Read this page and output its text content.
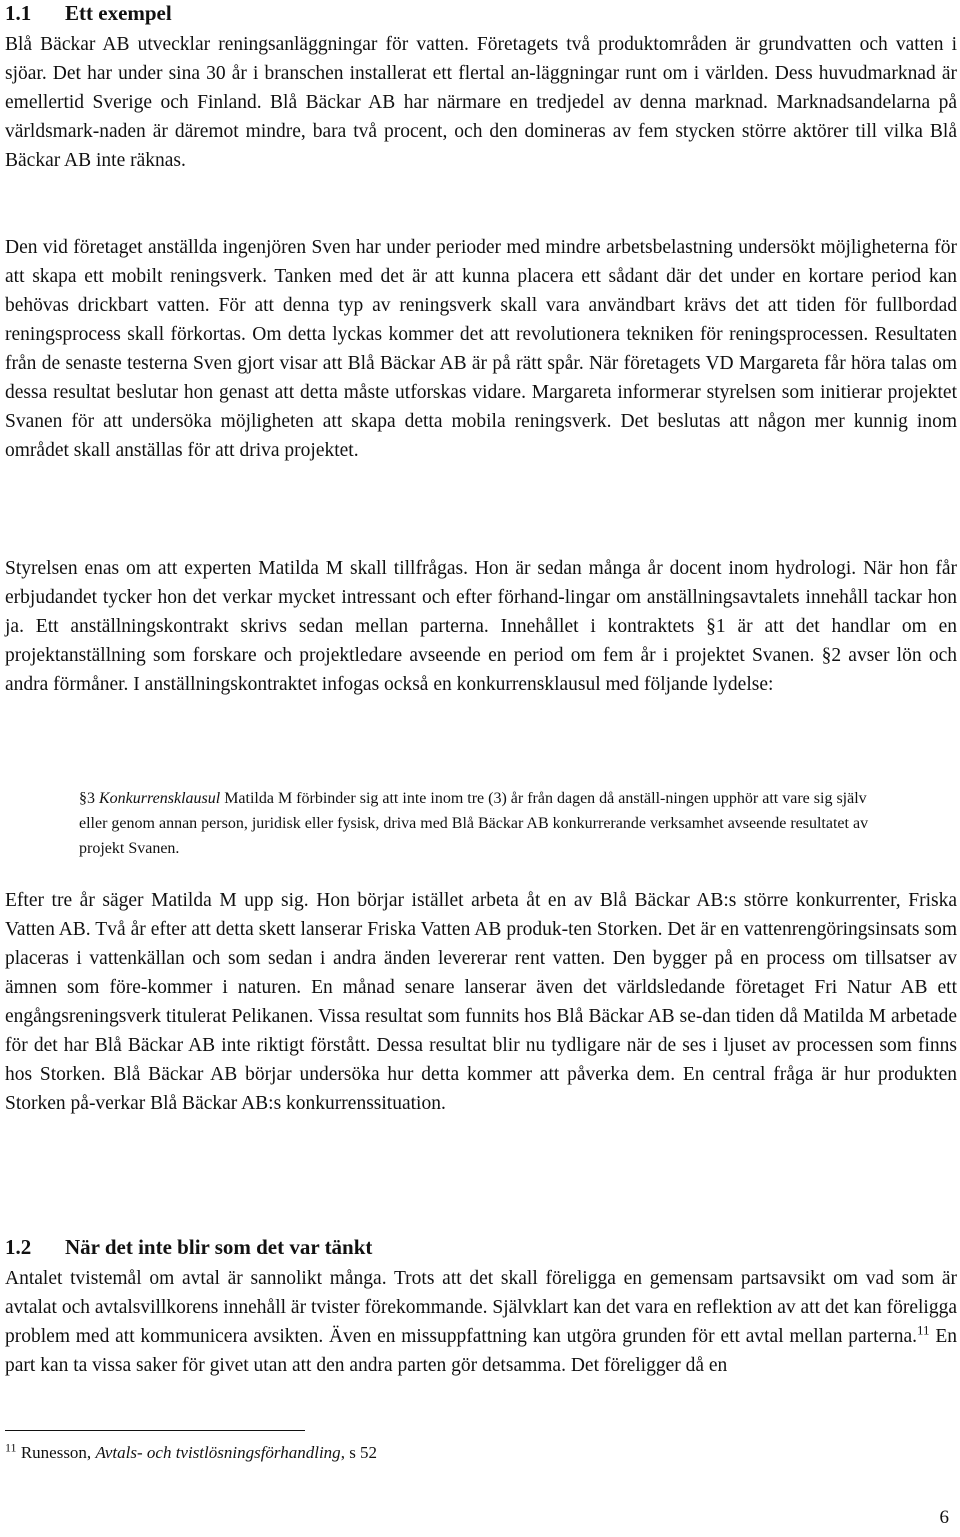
1.1	Ett exempel

Blå Bäckar AB utvecklar reningsanläggningar för vatten. Företagets två produktområden är grundvatten och vatten i sjöar. Det har under sina 30 år i branschen installerat ett flertal an-läggningar runt om i världen. Dess huvudmarknad är emellertid Sverige och Finland. Blå Bäckar AB har närmare en tredjedel av denna marknad. Marknadsandelarna på världsmark-naden är däremot mindre, bara två procent, och den domineras av fem stycken större aktörer till vilka Blå Bäckar AB inte räknas.

Den vid företaget anställda ingenjören Sven har under perioder med mindre arbetsbelastning undersökt möjligheterna för att skapa ett mobilt reningsverk. Tanken med det är att kunna placera ett sådant där det under en kortare period kan behövas drickbart vatten. För att denna typ av reningsverk skall vara användbart krävs det att tiden för fullbordad reningsprocess skall förkortas. Om detta lyckas kommer det att revolutionera tekniken för reningsprocessen. Resultaten från de senaste testerna Sven gjort visar att Blå Bäckar AB är på rätt spår. När företagets VD Margareta får höra talas om dessa resultat beslutar hon genast att detta måste utforskas vidare. Margareta informerar styrelsen som initierar projektet Svanen för att undersöka möjligheten att skapa detta mobila reningsverk. Det beslutas att någon mer kunnig inom området skall anställas för att driva projektet.

Styrelsen enas om att experten Matilda M skall tillfrågas. Hon är sedan många år docent inom hydrologi. När hon får erbjudandet tycker hon det verkar mycket intressant och efter förhand-lingar om anställningsavtalets innehåll tackar hon ja. Ett anställningskontrakt skrivs sedan mellan parterna. Innehållet i kontraktets §1 är att det handlar om en projektanställning som forskare och projektledare avseende en period om fem år i projektet Svanen. §2 avser lön och andra förmåner. I anställningskontraktet infogas också en konkurrensklausul med följande lydelse:

§3 Konkurrensklausul Matilda M förbinder sig att inte inom tre (3) år från dagen då anställ-ningen upphör att vare sig själv eller genom annan person, juridisk eller fysisk, driva med Blå Bäckar AB konkurrerande verksamhet avseende resultatet av projekt Svanen.

Efter tre år säger Matilda M upp sig. Hon börjar istället arbeta åt en av Blå Bäckar AB:s större konkurrenter, Friska Vatten AB. Två år efter att detta skett lanserar Friska Vatten AB produk-ten Storken. Det är en vattenrengöringsinsats som placeras i vattenkällan och som sedan i andra änden levererar rent vatten. Den bygger på en process om tillsatser av ämnen som före-kommer i naturen. En månad senare lanserar även det världsledande företaget Fri Natur AB ett engångsreningsverk titulerat Pelikanen. Vissa resultat som funnits hos Blå Bäckar AB se-dan tiden då Matilda M arbetade för det har Blå Bäckar AB inte riktigt förstått. Dessa resultat blir nu tydligare när de ses i ljuset av processen som finns hos Storken. Blå Bäckar AB börjar undersöka hur detta kommer att påverka dem. En central fråga är hur produkten Storken på-verkar Blå Bäckar AB:s konkurrenssituation.

1.2	När det inte blir som det var tänkt

Antalet tvistemål om avtal är sannolikt många. Trots att det skall föreligga en gemensam partsavsikt om vad som är avtalat och avtalsvillkorens innehåll är tvister förekommande. Självklart kan det vara en reflektion av att det kan föreligga problem med att kommunicera avsikten. Även en missuppfattning kan utgöra grunden för ett avtal mellan parterna.$^{11}$ En part kan ta vissa saker för givet utan att den andra parten gör detsamma. Det föreligger då en

$^{11}$ Runesson, Avtals- och tvistlösningsförhandling, s 52

6
